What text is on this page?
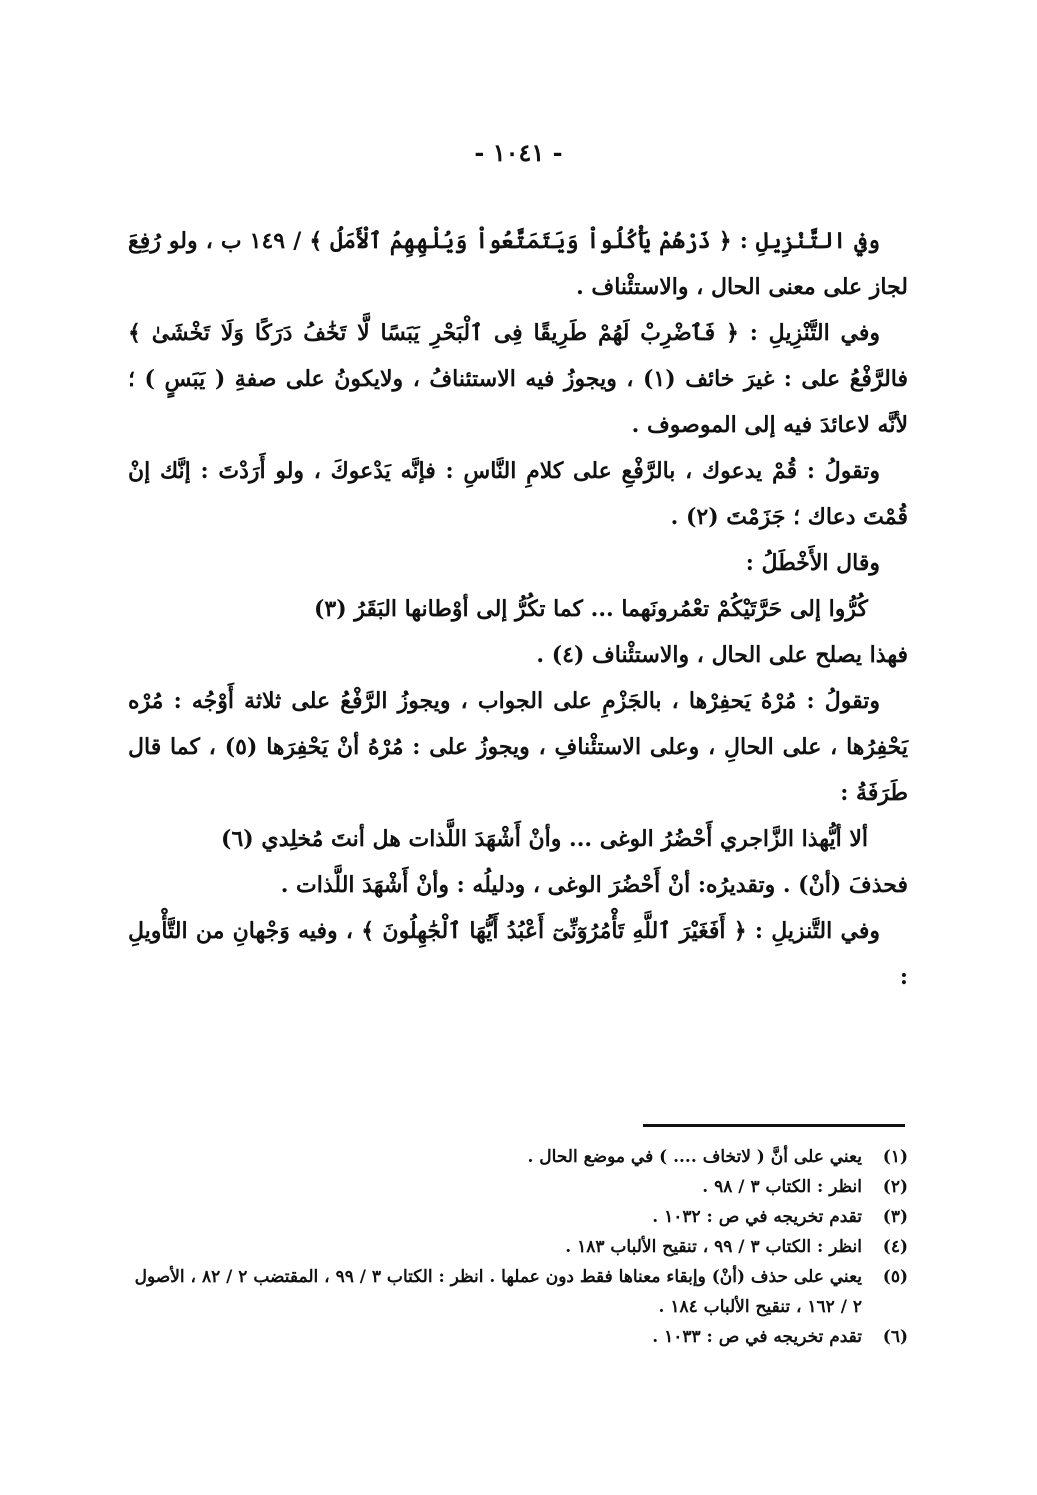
- ١٠٤١ -

وفي التَّنْزِيلِ : ﴿ ذَرْهُمْ يَأْكُلُواْ وَيَتَمَتَّعُواْ وَيُلْهِهِمُ ٱلْأَمَلُ ﴾ / ١٤٩ ب ، ولو رُفِعَ لجاز على معنى الحال ، والاستئْناف .

وفي التَّنْزِيلِ : ﴿ فَٱضْرِبْ لَهُمْ طَرِيقًا فِى ٱلْبَحْرِ يَبَسًا لَّا تَخَٰفُ دَرَكًا وَلَا تَخْشَىٰ ﴾ فالرَّفْعُ على : غيرَ خائف (١) ، ويجوزُ فيه الاستئنافُ ، ولايكونُ على صفةِ ( يَبَسٍ ) ؛ لأنَّه لاعائدَ فيه إلى الموصوف .

وتقولُ : قُمْ يدعوك ، بالرَّفْعِ على كلامِ النَّاسِ : فإنَّه يَدْعوكَ ، ولو أَرَدْتَ : إنَّك إنْ قُمْتَ دعاك ؛ جَزَمْتَ (٢) .

وقال الأَخْطَلُ :

كُرُّوا إلى حَرَّتَيْكُمْ تعْمُرونَهما ... كما تكُرُّ إلى أوْطانها البَقَرُ (٣)

فهذا يصلح على الحال ، والاستئْناف (٤) .

وتقولُ : مُرْهُ يَحفِرْها ، بالجَزْمِ على الجواب ، ويجوزُ الرَّفْعُ على ثلاثة أَوْجُه : مُرْه يَحْفِرُها ، على الحالِ ، وعلى الاستئْنافِ ، ويجوزُ على : مُرْهُ أنْ يَحْفِرَها (٥) ، كما قال طَرَفَةُ :

ألا أيُّهذا الزَّاجري أَحْضُرُ الوغى ... وأنْ أَشْهَدَ اللَّذات هل أنتَ مُخلِدي (٦)

فحذفَ (أنْ) . وتقديرُه: أنْ أَحْضُرَ الوغى ، ودليلُه : وأنْ أَشْهَدَ اللَّذات .

وفي التَّنزيلِ : ﴿ أَفَغَيْرَ ٱللَّهِ تَأْمُرُوٓنِّىٓ أَعْبُدُ أَيُّهَا ٱلْجَٰهِلُونَ ﴾ ، وفيه وَجْهانِ من التَّأْويلِ :

(١)
يعني على أنَّ ( لاتخاف .... ) في موضع الحال .
(٢)
انظر : الكتاب ٣ / ٩٨ .
(٣)
تقدم تخريجه في ص : ١٠٣٢ .
(٤)
انظر : الكتاب ٣ / ٩٩ ، تنقيح الألباب ١٨٣ .
(٥)
يعني على حذف (أنْ) وإبقاء معناها فقط دون عملها . انظر : الكتاب ٣ / ٩٩ ، المقتضب ٢ / ٨٢ ، الأصول ٢ / ١٦٢ ، تنقيح الألباب ١٨٤ .
(٦)
تقدم تخريجه في ص : ١٠٣٣ .
